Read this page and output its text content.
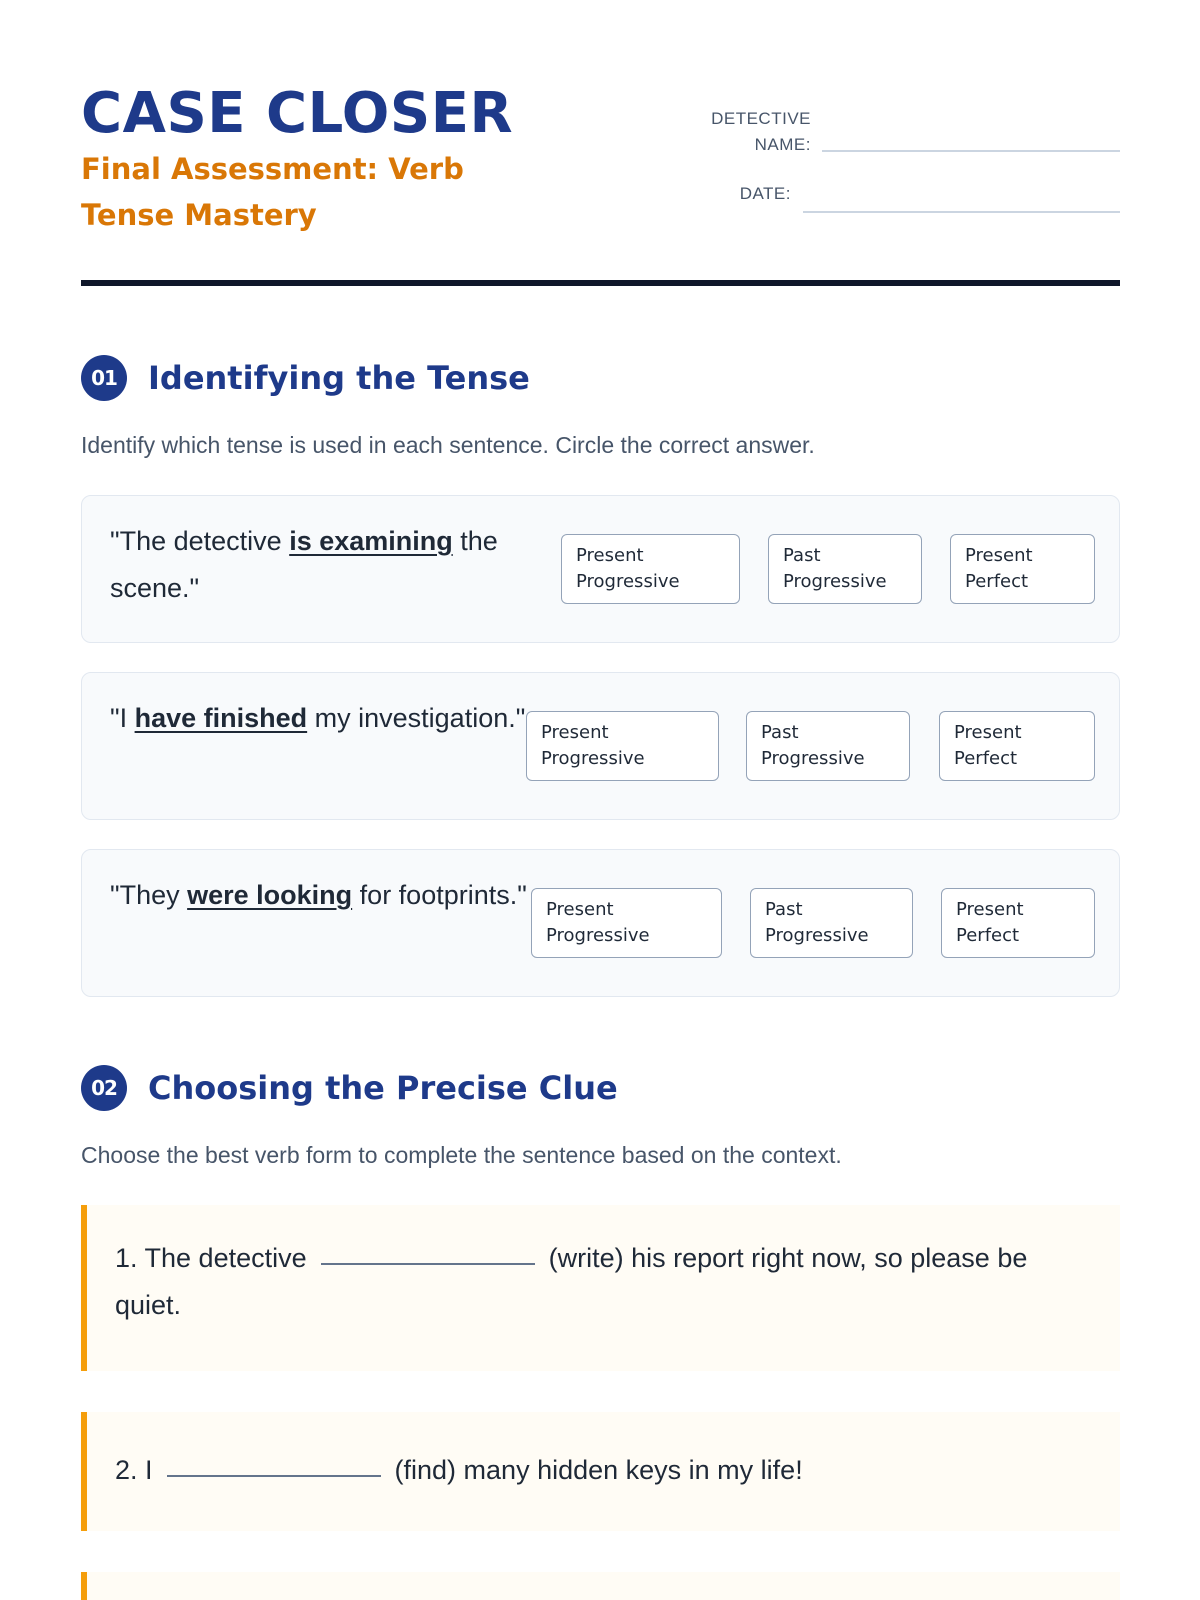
CASE CLOSER
Final Assessment: Verb Tense Mastery
DETECTIVE
NAME:
DATE:
01 Identifying the Tense
Identify which tense is used in each sentence. Circle the correct answer.
"The detective is examining the scene."
Present Progressive
Past Progressive
Present Perfect
"I have finished my investigation." Present Progressive
Past Progressive
Present Perfect
"They were looking for footprints."	Present Progressive
Past Progressive
Present Perfect
02 Choosing the Precise Clue
Choose the best verb form to complete the sentence based on the context.
1. The detective	(write) his report right now, so please be quiet.
2. I	(find) many hidden keys in my life!
